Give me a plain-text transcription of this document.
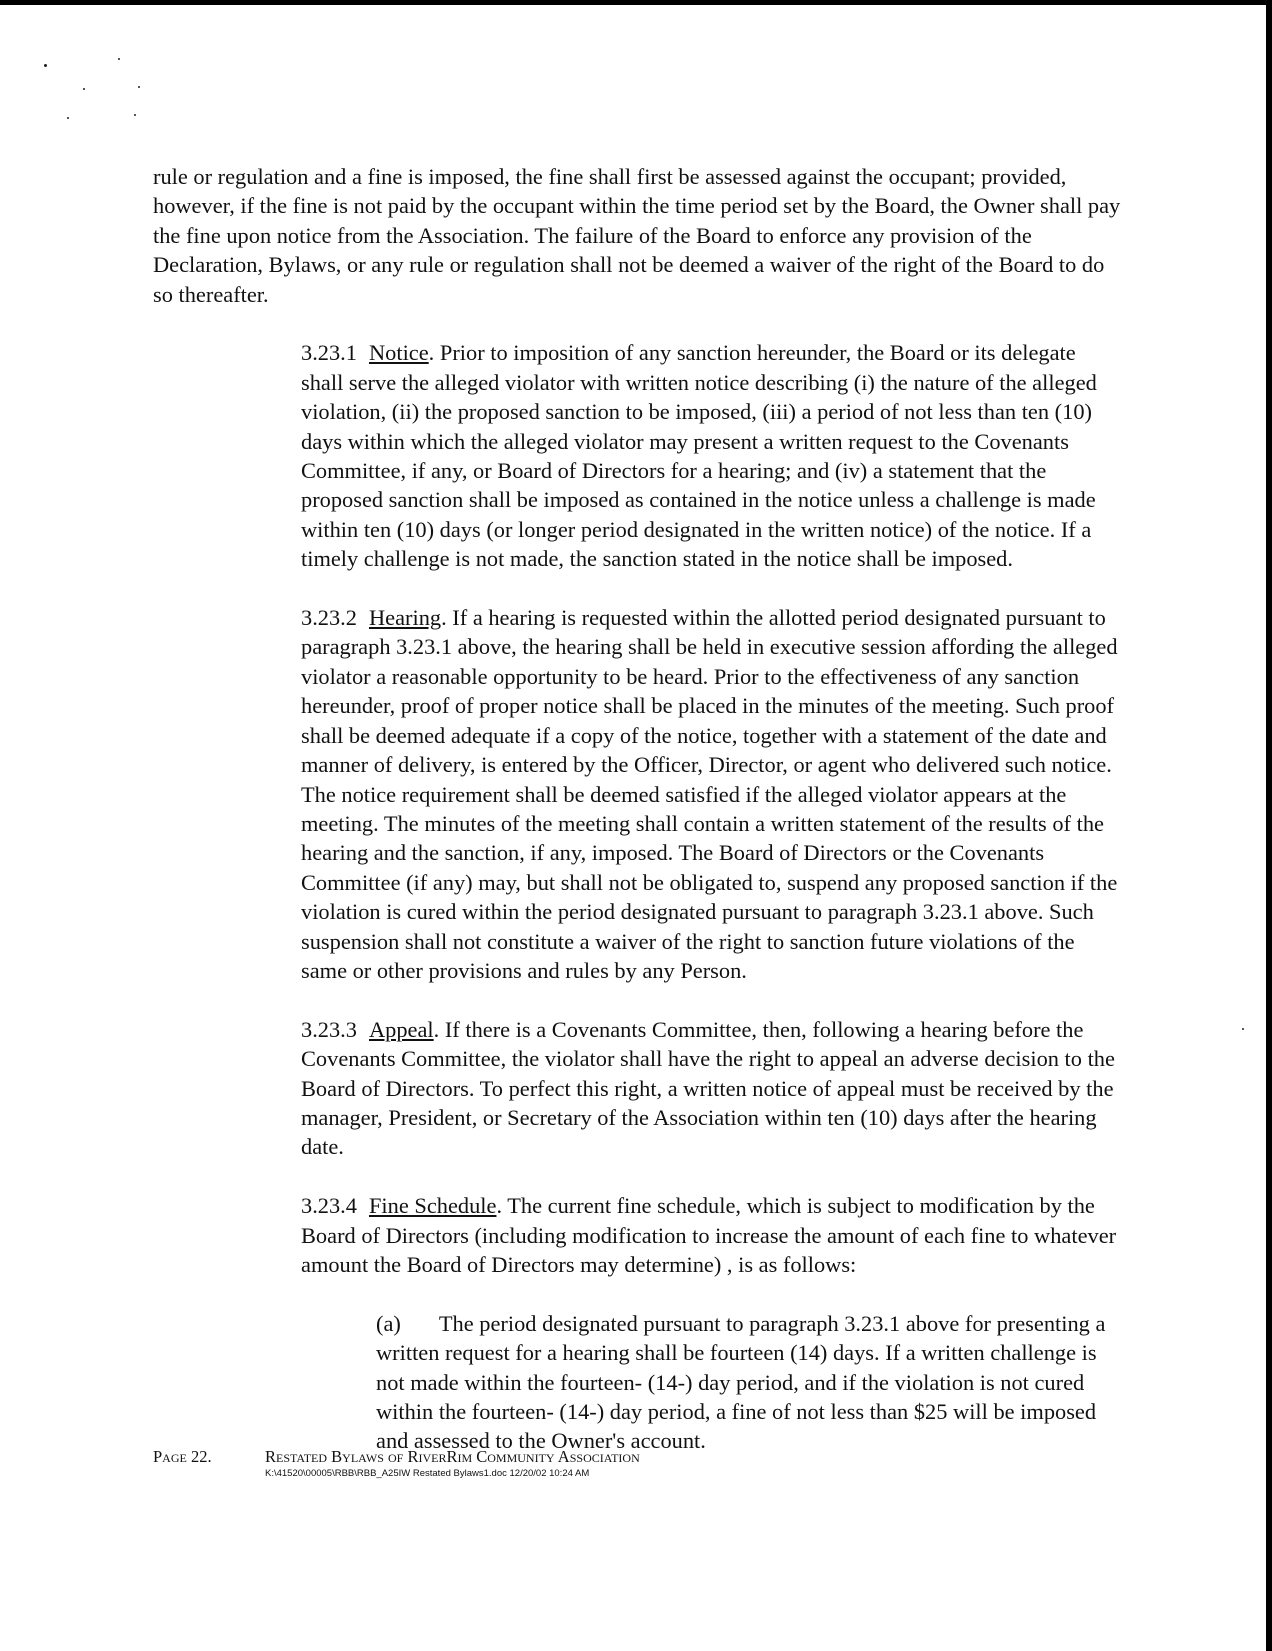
rule or regulation and a fine is imposed, the fine shall first be assessed against the occupant; provided, however, if the fine is not paid by the occupant within the time period set by the Board, the Owner shall pay the fine upon notice from the Association. The failure of the Board to enforce any provision of the Declaration, Bylaws, or any rule or regulation shall not be deemed a waiver of the right of the Board to do so thereafter.

3.23.1 Notice. Prior to imposition of any sanction hereunder, the Board or its delegate shall serve the alleged violator with written notice describing (i) the nature of the alleged violation, (ii) the proposed sanction to be imposed, (iii) a period of not less than ten (10) days within which the alleged violator may present a written request to the Covenants Committee, if any, or Board of Directors for a hearing; and (iv) a statement that the proposed sanction shall be imposed as contained in the notice unless a challenge is made within ten (10) days (or longer period designated in the written notice) of the notice. If a timely challenge is not made, the sanction stated in the notice shall be imposed.

3.23.2 Hearing. If a hearing is requested within the allotted period designated pursuant to paragraph 3.23.1 above, the hearing shall be held in executive session affording the alleged violator a reasonable opportunity to be heard. Prior to the effectiveness of any sanction hereunder, proof of proper notice shall be placed in the minutes of the meeting. Such proof shall be deemed adequate if a copy of the notice, together with a statement of the date and manner of delivery, is entered by the Officer, Director, or agent who delivered such notice. The notice requirement shall be deemed satisfied if the alleged violator appears at the meeting. The minutes of the meeting shall contain a written statement of the results of the hearing and the sanction, if any, imposed. The Board of Directors or the Covenants Committee (if any) may, but shall not be obligated to, suspend any proposed sanction if the violation is cured within the period designated pursuant to paragraph 3.23.1 above. Such suspension shall not constitute a waiver of the right to sanction future violations of the same or other provisions and rules by any Person.

3.23.3 Appeal. If there is a Covenants Committee, then, following a hearing before the Covenants Committee, the violator shall have the right to appeal an adverse decision to the Board of Directors. To perfect this right, a written notice of appeal must be received by the manager, President, or Secretary of the Association within ten (10) days after the hearing date.

3.23.4 Fine Schedule. The current fine schedule, which is subject to modification by the Board of Directors (including modification to increase the amount of each fine to whatever amount the Board of Directors may determine) , is as follows:

(a) The period designated pursuant to paragraph 3.23.1 above for presenting a written request for a hearing shall be fourteen (14) days. If a written challenge is not made within the fourteen- (14-) day period, and if the violation is not cured within the fourteen- (14-) day period, a fine of not less than $25 will be imposed and assessed to the Owner's account.

Page 22.	Restated Bylaws of RiverRim Community Association
K:\41520\00005\RBB\RBB_A25IW Restated Bylaws1.doc 12/20/02 10:24 AM
